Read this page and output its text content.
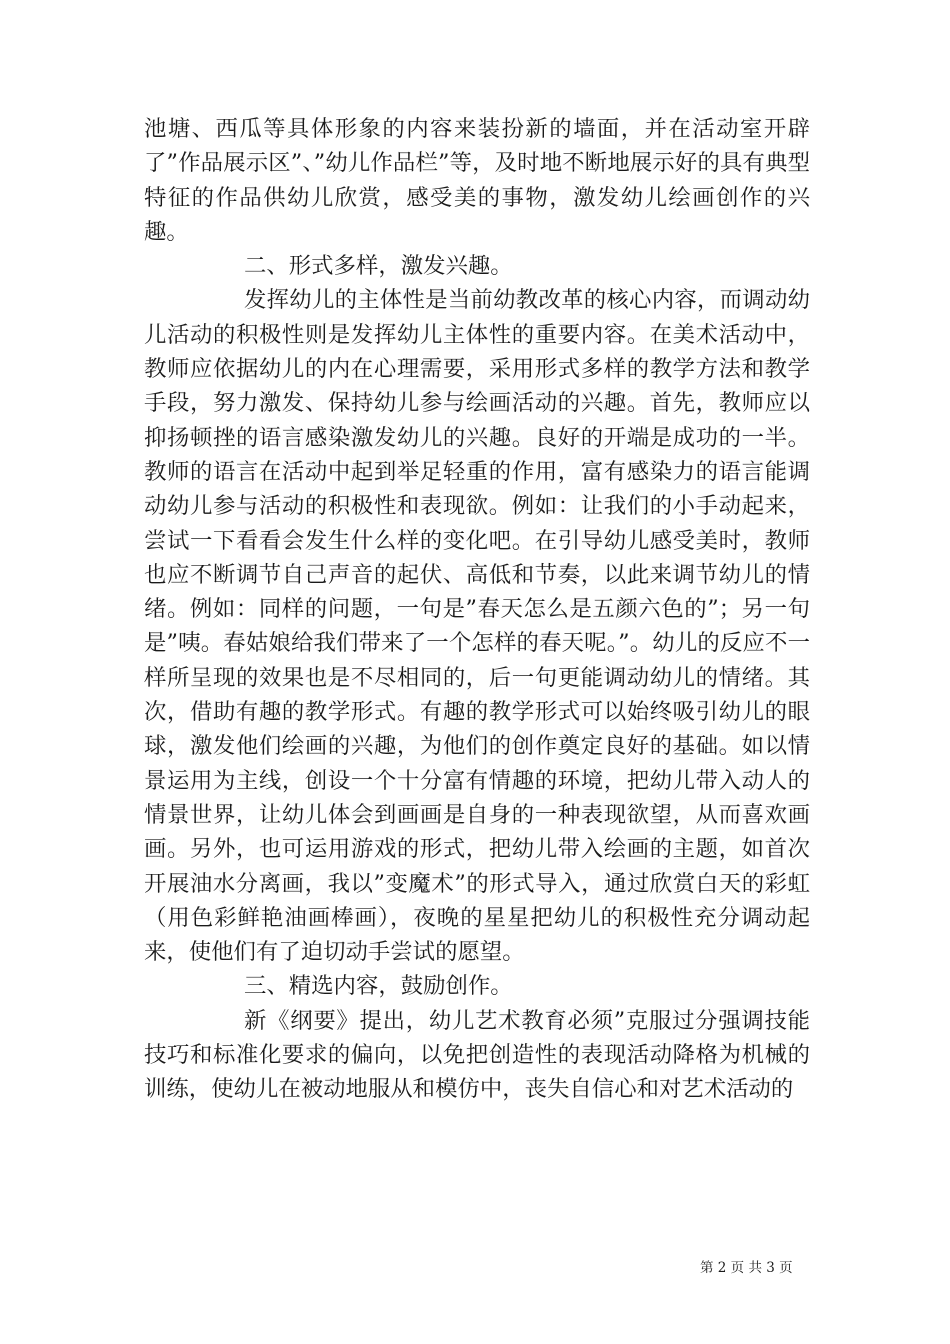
池塘、西瓜等具体形象的内容来装扮新的墙面，并在活动室开辟了”作品展示区”、”幼儿作品栏”等，及时地不断地展示好的具有典型特征的作品供幼儿欣赏，感受美的事物，激发幼儿绘画创作的兴趣。

二、形式多样，激发兴趣。

发挥幼儿的主体性是当前幼教改革的核心内容，而调动幼儿活动的积极性则是发挥幼儿主体性的重要内容。在美术活动中，教师应依据幼儿的内在心理需要，采用形式多样的教学方法和教学手段，努力激发、保持幼儿参与绘画活动的兴趣。首先，教师应以抑扬顿挫的语言感染激发幼儿的兴趣。良好的开端是成功的一半。教师的语言在活动中起到举足轻重的作用，富有感染力的语言能调动幼儿参与活动的积极性和表现欲。例如：让我们的小手动起来，尝试一下看看会发生什么样的变化吧。在引导幼儿感受美时，教师也应不断调节自己声音的起伏、高低和节奏，以此来调节幼儿的情绪。例如：同样的问题，一句是”春天怎么是五颜六色的”；另一句是”咦。春姑娘给我们带来了一个怎样的春天呢。”。幼儿的反应不一样所呈现的效果也是不尽相同的，后一句更能调动幼儿的情绪。其次，借助有趣的教学形式。有趣的教学形式可以始终吸引幼儿的眼球，激发他们绘画的兴趣，为他们的创作奠定良好的基础。如以情景运用为主线，创设一个十分富有情趣的环境，把幼儿带入动人的情景世界，让幼儿体会到画画是自身的一种表现欲望，从而喜欢画画。另外，也可运用游戏的形式，把幼儿带入绘画的主题，如首次开展油水分离画，我以”变魔术”的形式导入，通过欣赏白天的彩虹（用色彩鲜艳油画棒画），夜晚的星星把幼儿的积极性充分调动起来，使他们有了迫切动手尝试的愿望。

三、精选内容，鼓励创作。

新《纲要》提出，幼儿艺术教育必须”克服过分强调技能技巧和标准化要求的偏向，以免把创造性的表现活动降格为机械的训练，使幼儿在被动地服从和模仿中，丧失自信心和对艺术活动的

第 2 页 共 3 页
